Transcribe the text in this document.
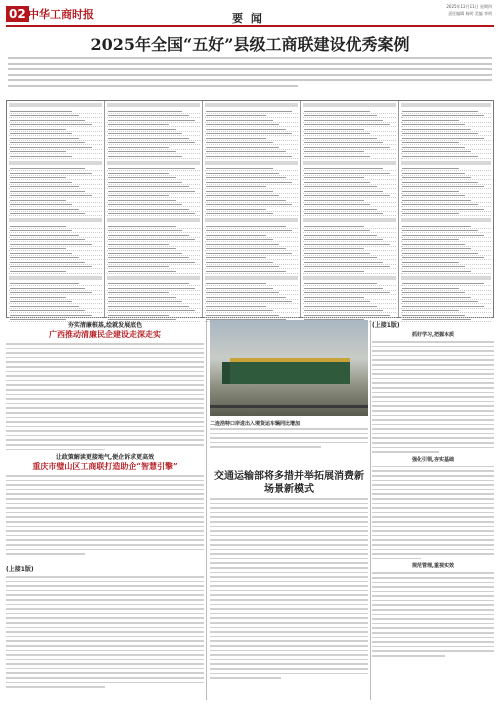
02 中华工商时报	要 闻
2025年12月11日 星期四
责任编辑 杨明 美编 李明
2025年全国“五好”县级工商联建设优秀案例
夯实清廉根基,绘就发展底色
广西推动清廉民企建设走深走实
让政策解读更接地气,便企诉求更高效
重庆市璧山区工商联打造助企“智慧引擎”
(上接1版)
二连浩特口岸进出入境货运车辆同比增加
交通运输部将多措并举拓展消费新场景新模式
(上接1版)
抓好学习,把握本质
强化引领,夯实基础
规范管理,重视实效
